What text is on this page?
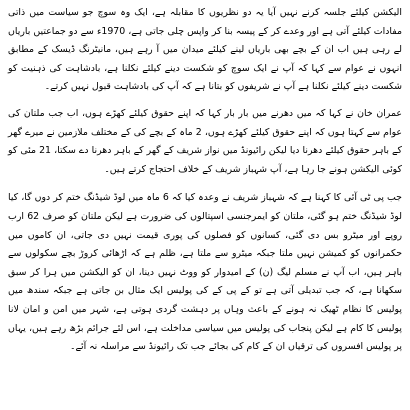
الیکشن کیلئے جلسہ کرنے نہیں آیا یہ دو نظریوں کا مقابلہ ہے، ایک وہ سوچ جو سیاست میں ذاتی مفادات کیلئے آتی ہے اور وعدے کر کے پیسہ بنا کر واپس چلی جاتی ہے، 1970ء سے دو جماعتیں باریاں لے رہی ہیں اب ان کے بچے بھی باریاں لینے کیلئے میدان میں آ رہے ہیں، مانیٹرنگ ڈیسک کے مطابق انہوں نے عوام سے کہا کہ آپ نے ایک سوچ کو شکست دینے کیلئے نکلنا ہے، بادشاہت کی ذہنیت کو شکست دینے کیلئے نکلنا ہے آپ نے شریفوں کو بتانا ہے کہ آپ کی بادشاہت قبول نہیں کرتے۔

عمران خان نے کہا کہ میں دھرنے میں بار بار کہا کہ اپنے حقوق کیلئے کھڑے ہوں، اب جب ملتان کی عوام سے کہتا ہوں کہ اپنے حقوق کیلئے کھڑے ہوں، 2 ماہ کے بچے کی کے مختلف ملازمین نے میرے گھر کے باہر حقوق کیلئے دھرنا دیا لیکن رائیونڈ میں نواز شریف کے گھر کے باہر دھرنا دے سکتا، 21 مئی کو کوئی الیکشن ہونے جا رہا ہے، آپ شہباز شریف کے خلاف احتجاج کرتے ہیں۔

جب پی ٹی آئی کا کہنا ہے کہ شہباز شریف نے وعدہ کیا کہ 6 ماہ میں لوڈ شیڈنگ ختم کر دوں گا، کیا لوڈ شیڈنگ ختم ہو گئی، ملتان کو ایمرجنسی اسپتالوں کی ضرورت ہے لیکن ملتان کو صرف 62 ارب روپے اور میٹرو بس دی گئی، کسانوں کو فصلوں کی پوری قیمت نہیں دی جاتی، ان کاموں میں حکمرانوں کو کمیشن نہیں ملتا جبکہ میٹرو سے ملتا ہے، ظلم ہے کہ اڑھائی کروڑ بچے سکولوں سے باہر ہیں، اب آپ نے مسلم لیگ (ن) کے امیدوار کو ووٹ نہیں دینا، ان کو الیکشن میں ہرا کر سبق سکھانا ہے، کہ جب تبدیلی آتی ہے تو کے پی کے کی پولیس ایک مثال بن جاتی ہے جبکہ سندھ میں پولیس کا نظام ٹھیک نہ ہونے کے باعث وہاں پر دہشت گردی ہوتی ہے، شہر میں امن و امان لانا پولیس کا کام ہے لیکن پنجاب کی پولیس میں سیاسی مداخلت ہے، اس لئے جرائم بڑھ رہے ہیں، یہاں پر پولیس افسروں کی ترقیاں ان کے کام کی بجائے جب تک رائیونڈ سے مراسلہ نہ آئے۔
